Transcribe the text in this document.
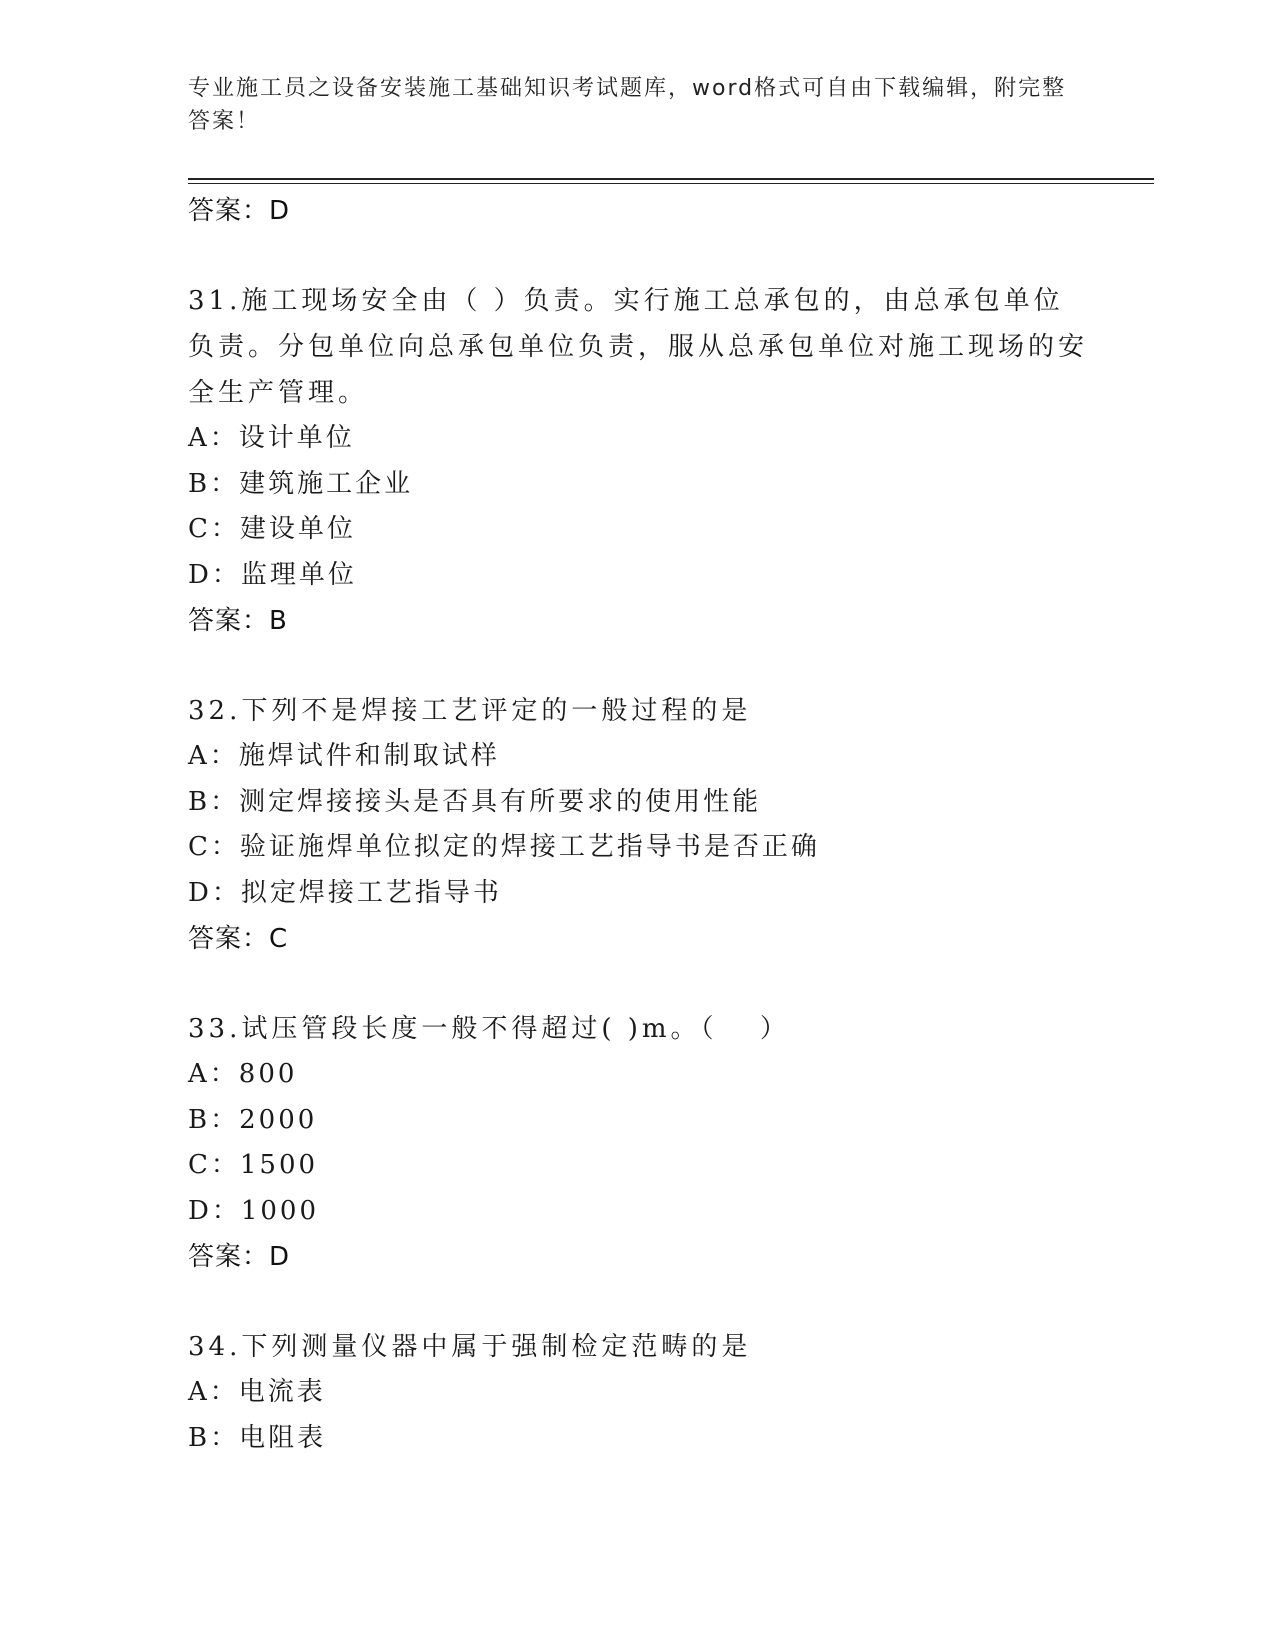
专业施工员之设备安装施工基础知识考试题库，word格式可自由下载编辑，附完整答案！
答案：D
31.施工现场安全由（ ）负责。实行施工总承包的，由总承包单位负责。分包单位向总承包单位负责，服从总承包单位对施工现场的安全生产管理。
A：设计单位
B：建筑施工企业
C：建设单位
D：监理单位
答案：B
32.下列不是焊接工艺评定的一般过程的是
A：施焊试件和制取试样
B：测定焊接接头是否具有所要求的使用性能
C：验证施焊单位拟定的焊接工艺指导书是否正确
D：拟定焊接工艺指导书
答案：C
33.试压管段长度一般不得超过( )m。（　 ）
A：800
B：2000
C：1500
D：1000
答案：D
34.下列测量仪器中属于强制检定范畴的是
A：电流表
B：电阻表
